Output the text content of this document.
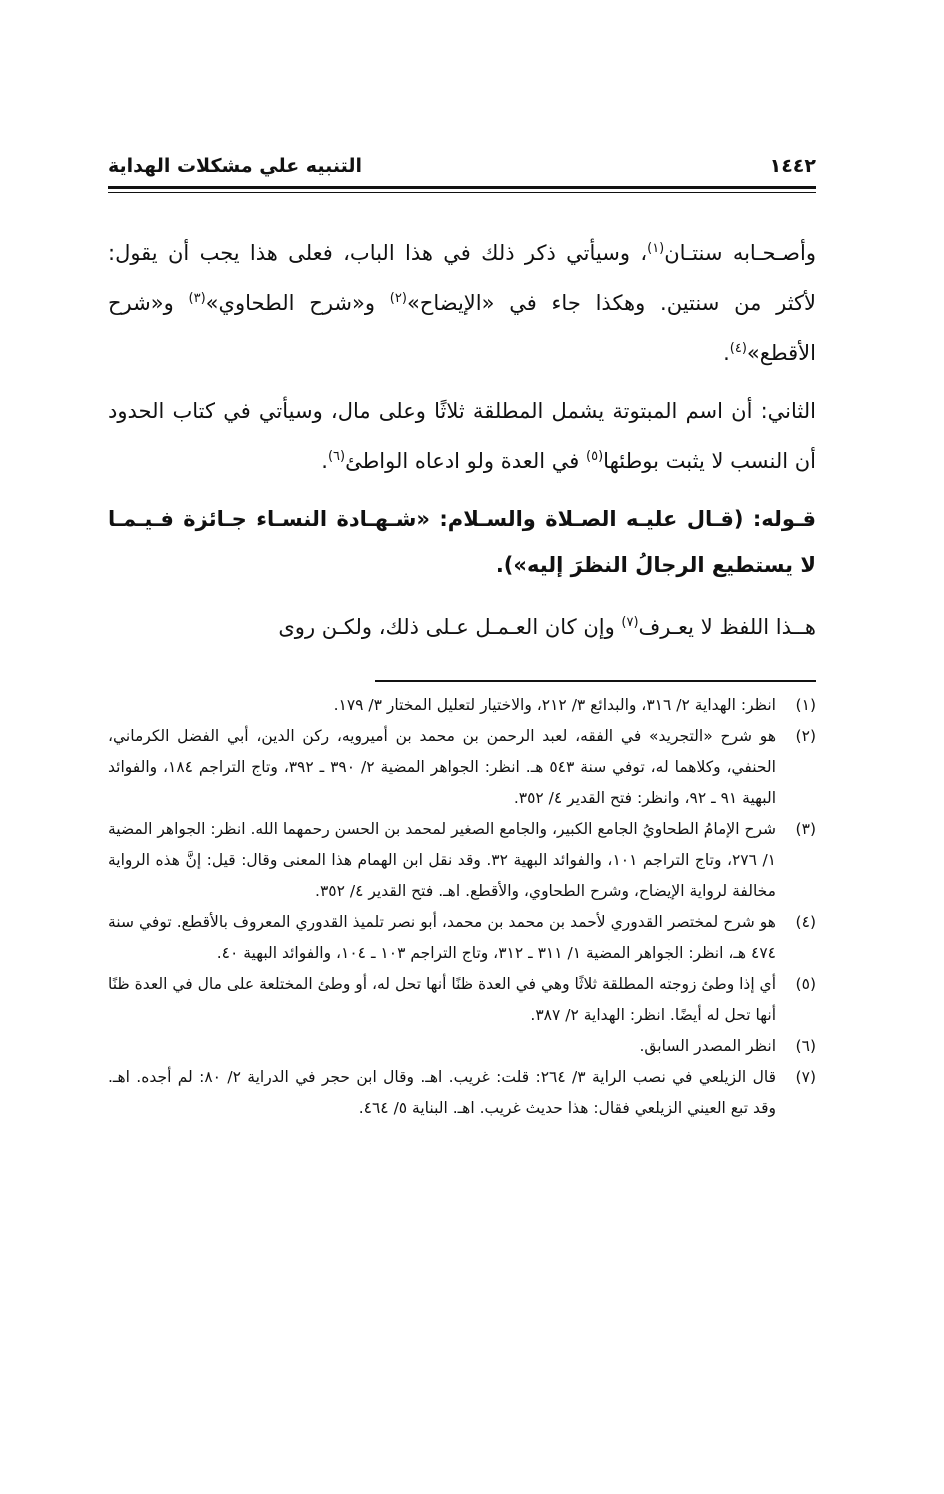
١٤٤٢
التنبيه علي مشكلات الهداية

وأصـحـابه سنتـان$^{(١)}$، وسيأتي ذكر ذلك في هذا الباب، فعلى هذا يجب أن يقول: لأكثر من سنتين. وهكذا جاء في «الإيضاح»$^{(٢)}$ و«شرح الطحاوي»$^{(٣)}$ و«شرح الأقطع»$^{(٤)}$.

الثاني: أن اسم المبتوتة يشمل المطلقة ثلاثًا وعلى مال، وسيأتي في كتاب الحدود أن النسب لا يثبت بوطئها$^{(٥)}$ في العدة ولو ادعاه الواطئ$^{(٦)}$.

قـوله: (قـال عليـه الصـلاة والسـلام: «شـهـادة النسـاء جـائزة فـيـمـا لا يستطيع الرجالُ النظرَ إليه»).

هــذا اللفظ لا يعـرف$^{(٧)}$ وإن كان العـمـل عـلى ذلك، ولكـن روى

(١)
انظر: الهداية ٢/ ٣١٦، والبدائع ٣/ ٢١٢، والاختيار لتعليل المختار ٣/ ١٧٩.
(٢)
هو شرح «التجريد» في الفقه، لعبد الرحمن بن محمد بن أميرويه، ركن الدين، أبي الفضل الكرماني، الحنفي، وكلاهما له، توفي سنة ٥٤٣ هـ. انظر: الجواهر المضية ٢/ ٣٩٠ ـ ٣٩٢، وتاج التراجم ١٨٤، والفوائد البهية ٩١ ـ ٩٢، وانظر: فتح القدير ٤/ ٣٥٢.
(٣)
شرح الإمامُ الطحاويُ الجامع الكبير، والجامع الصغير لمحمد بن الحسن رحمهما الله. انظر: الجواهر المضية ١/ ٢٧٦، وتاج التراجم ١٠١، والفوائد البهية ٣٢. وقد نقل ابن الهمام هذا المعنى وقال: قيل: إنَّ هذه الرواية مخالفة لرواية الإيضاح، وشرح الطحاوي، والأقطع. اهـ. فتح القدير ٤/ ٣٥٢.
(٤)
هو شرح لمختصر القدوري لأحمد بن محمد بن محمد، أبو نصر تلميذ القدوري المعروف بالأقطع. توفي سنة ٤٧٤ هـ، انظر: الجواهر المضية ١/ ٣١١ ـ ٣١٢، وتاج التراجم ١٠٣ ـ ١٠٤، والفوائد البهية ٤٠.
(٥)
أي إذا وطئ زوجته المطلقة ثلاثًا وهي في العدة ظنًا أنها تحل له، أو وطئ المختلعة على مال في العدة ظنًا أنها تحل له أيضًا. انظر: الهداية ٢/ ٣٨٧.
(٦)
انظر المصدر السابق.
(٧)
قال الزيلعي في نصب الراية ٣/ ٢٦٤: قلت: غريب. اهـ. وقال ابن حجر في الدراية ٢/ ٨٠: لم أجده. اهـ. وقد تبع العيني الزيلعي فقال: هذا حديث غريب. اهـ. البناية ٥/ ٤٦٤.
